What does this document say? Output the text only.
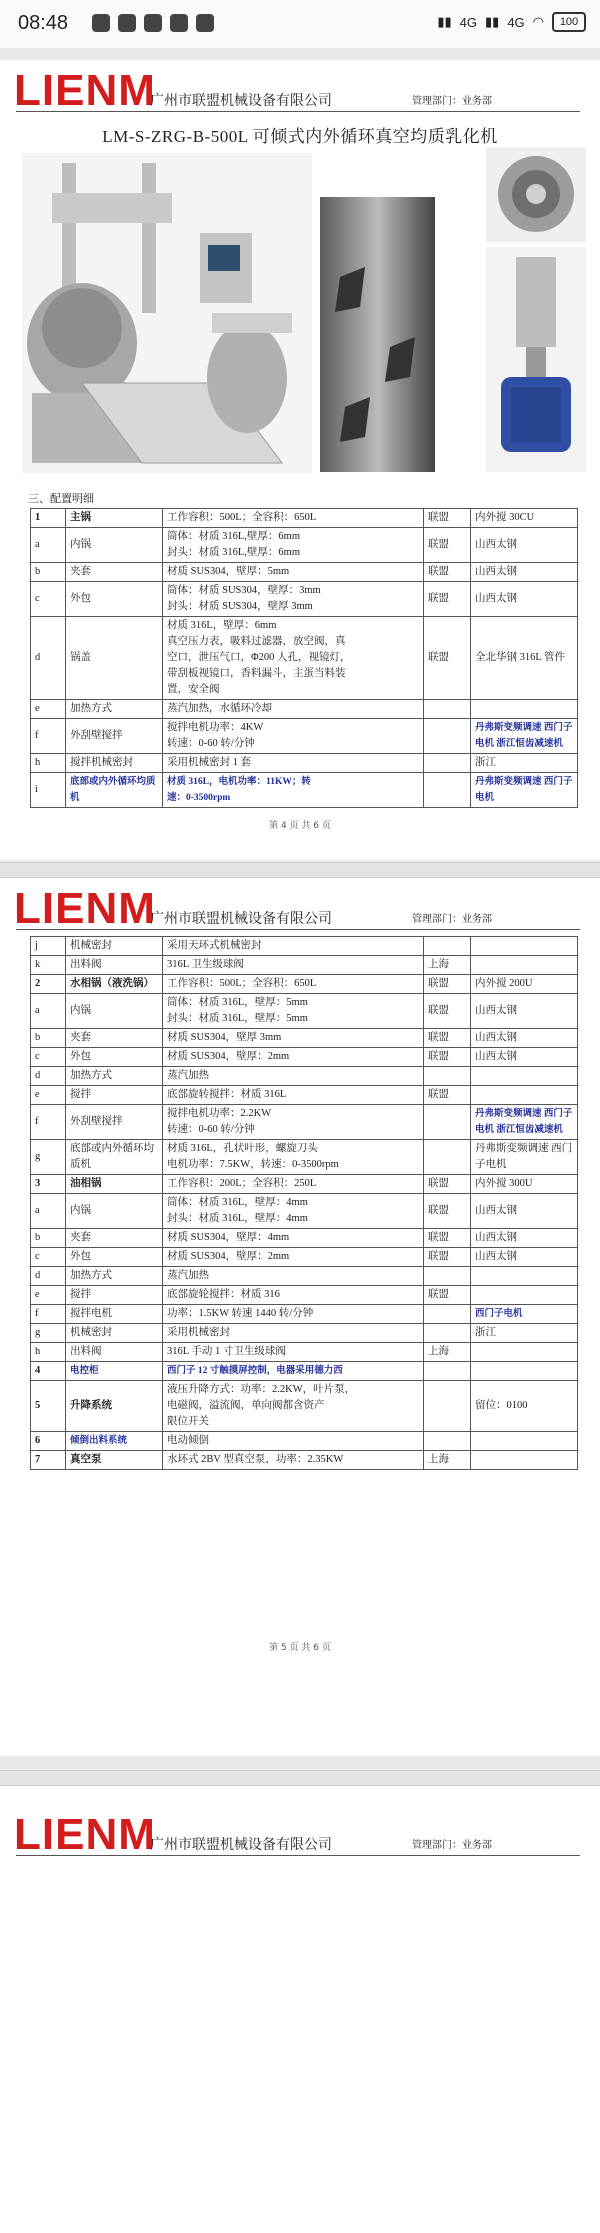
08:48	▮▮ 4G ▮▮ 4G ◠	100
LIENM
广州市联盟机械设备有限公司	管理部门：业务部
LM-S-ZRG-B-500L 可倾式内外循环真空均质乳化机
三、配置明细
1	主锅	工作容积：500L；全容积：650L	联盟	内外搅 30CU
a	内锅	筒体：材质 316L,壁厚：6mm
封头：材质 316L,壁厚：6mm	联盟	山西太钢
b	夹套	材质 SUS304，壁厚：5mm	联盟	山西太钢
c	外包	筒体：材质 SUS304，壁厚：3mm
封头：材质 SUS304，壁厚 3mm	联盟	山西太钢
d	锅盖	材质 316L，壁厚：6mm
真空压力表，吸料过滤器，放空阀，真
空口，泄压气口，Φ200 人孔，视镜灯，
带刮板视镜口，香料漏斗，主蛋当料装
置，安全阀	联盟	全北华钢 316L 管件
e	加热方式	蒸汽加热，水循环冷却		

f	外刮壁搅拌	搅拌电机功率：4KW
转速：0-60 转/分钟		丹弗斯变频调速 西门子电机 浙江恒齿减速机
h	搅拌机械密封	采用机械密封 1 套		浙江
i	底部或内外循环均质机	材质 316L，电机功率：11KW；转
速：0-3500rpm		丹弗斯变频调速 西门子电机
第 4 页 共 6 页
LIENM
广州市联盟机械设备有限公司	管理部门：业务部
j	机械密封	采用天环式机械密封		

k	出料阀	316L 卫生级球阀	上海	
2	水相锅（液洗锅）	工作容积：500L；全容积：650L	联盟	内外搅 200U
a	内锅	筒体：材质 316L，壁厚：5mm
封头：材质 316L，壁厚：5mm	联盟	山西太钢
b	夹套	材质 SUS304，壁厚 3mm	联盟	山西太钢
c	外包	材质 SUS304，壁厚：2mm	联盟	山西太钢
d	加热方式	蒸汽加热		

e	搅拌	底部旋转搅拌：材质 316L	联盟	
f	外刮壁搅拌	搅拌电机功率：2.2KW
转速：0-60 转/分钟		丹弗斯变频调速 西门子电机 浙江恒齿减速机
g	底部或内外循环均质机	材质 316L，孔状叶形，螺旋刀头
电机功率：7.5KW，转速：0-3500rpm		丹弗斯变频调速 西门子电机
3	油相锅	工作容积：200L；全容积：250L	联盟	内外搅 300U
a	内锅	筒体：材质 316L，壁厚：4mm
封头：材质 316L，壁厚：4mm	联盟	山西太钢
b	夹套	材质 SUS304，壁厚：4mm	联盟	山西太钢
c	外包	材质 SUS304，壁厚：2mm	联盟	山西太钢
d	加热方式	蒸汽加热		

e	搅拌	底部旋轮搅拌：材质 316	联盟	
f	搅拌电机	功率：1.5KW 转速 1440 转/分钟		西门子电机
g	机械密封	采用机械密封		浙江
h	出料阀	316L 手动 1 寸卫生级球阀	上海	
4	电控柜	西门子 12 寸触摸屏控制，电器采用德力西		

5	升降系统	液压升降方式：功率：2.2KW，叶片泵，
电磁阀，溢流阀，单向阀都含资产
限位开关		留位：0100
6	倾倒出料系统	电动倾倒		

7	真空泵	水环式 2BV 型真空泵，功率：2.35KW	上海	
第 5 页 共 6 页
LIENM
广州市联盟机械设备有限公司	管理部门：业务部
